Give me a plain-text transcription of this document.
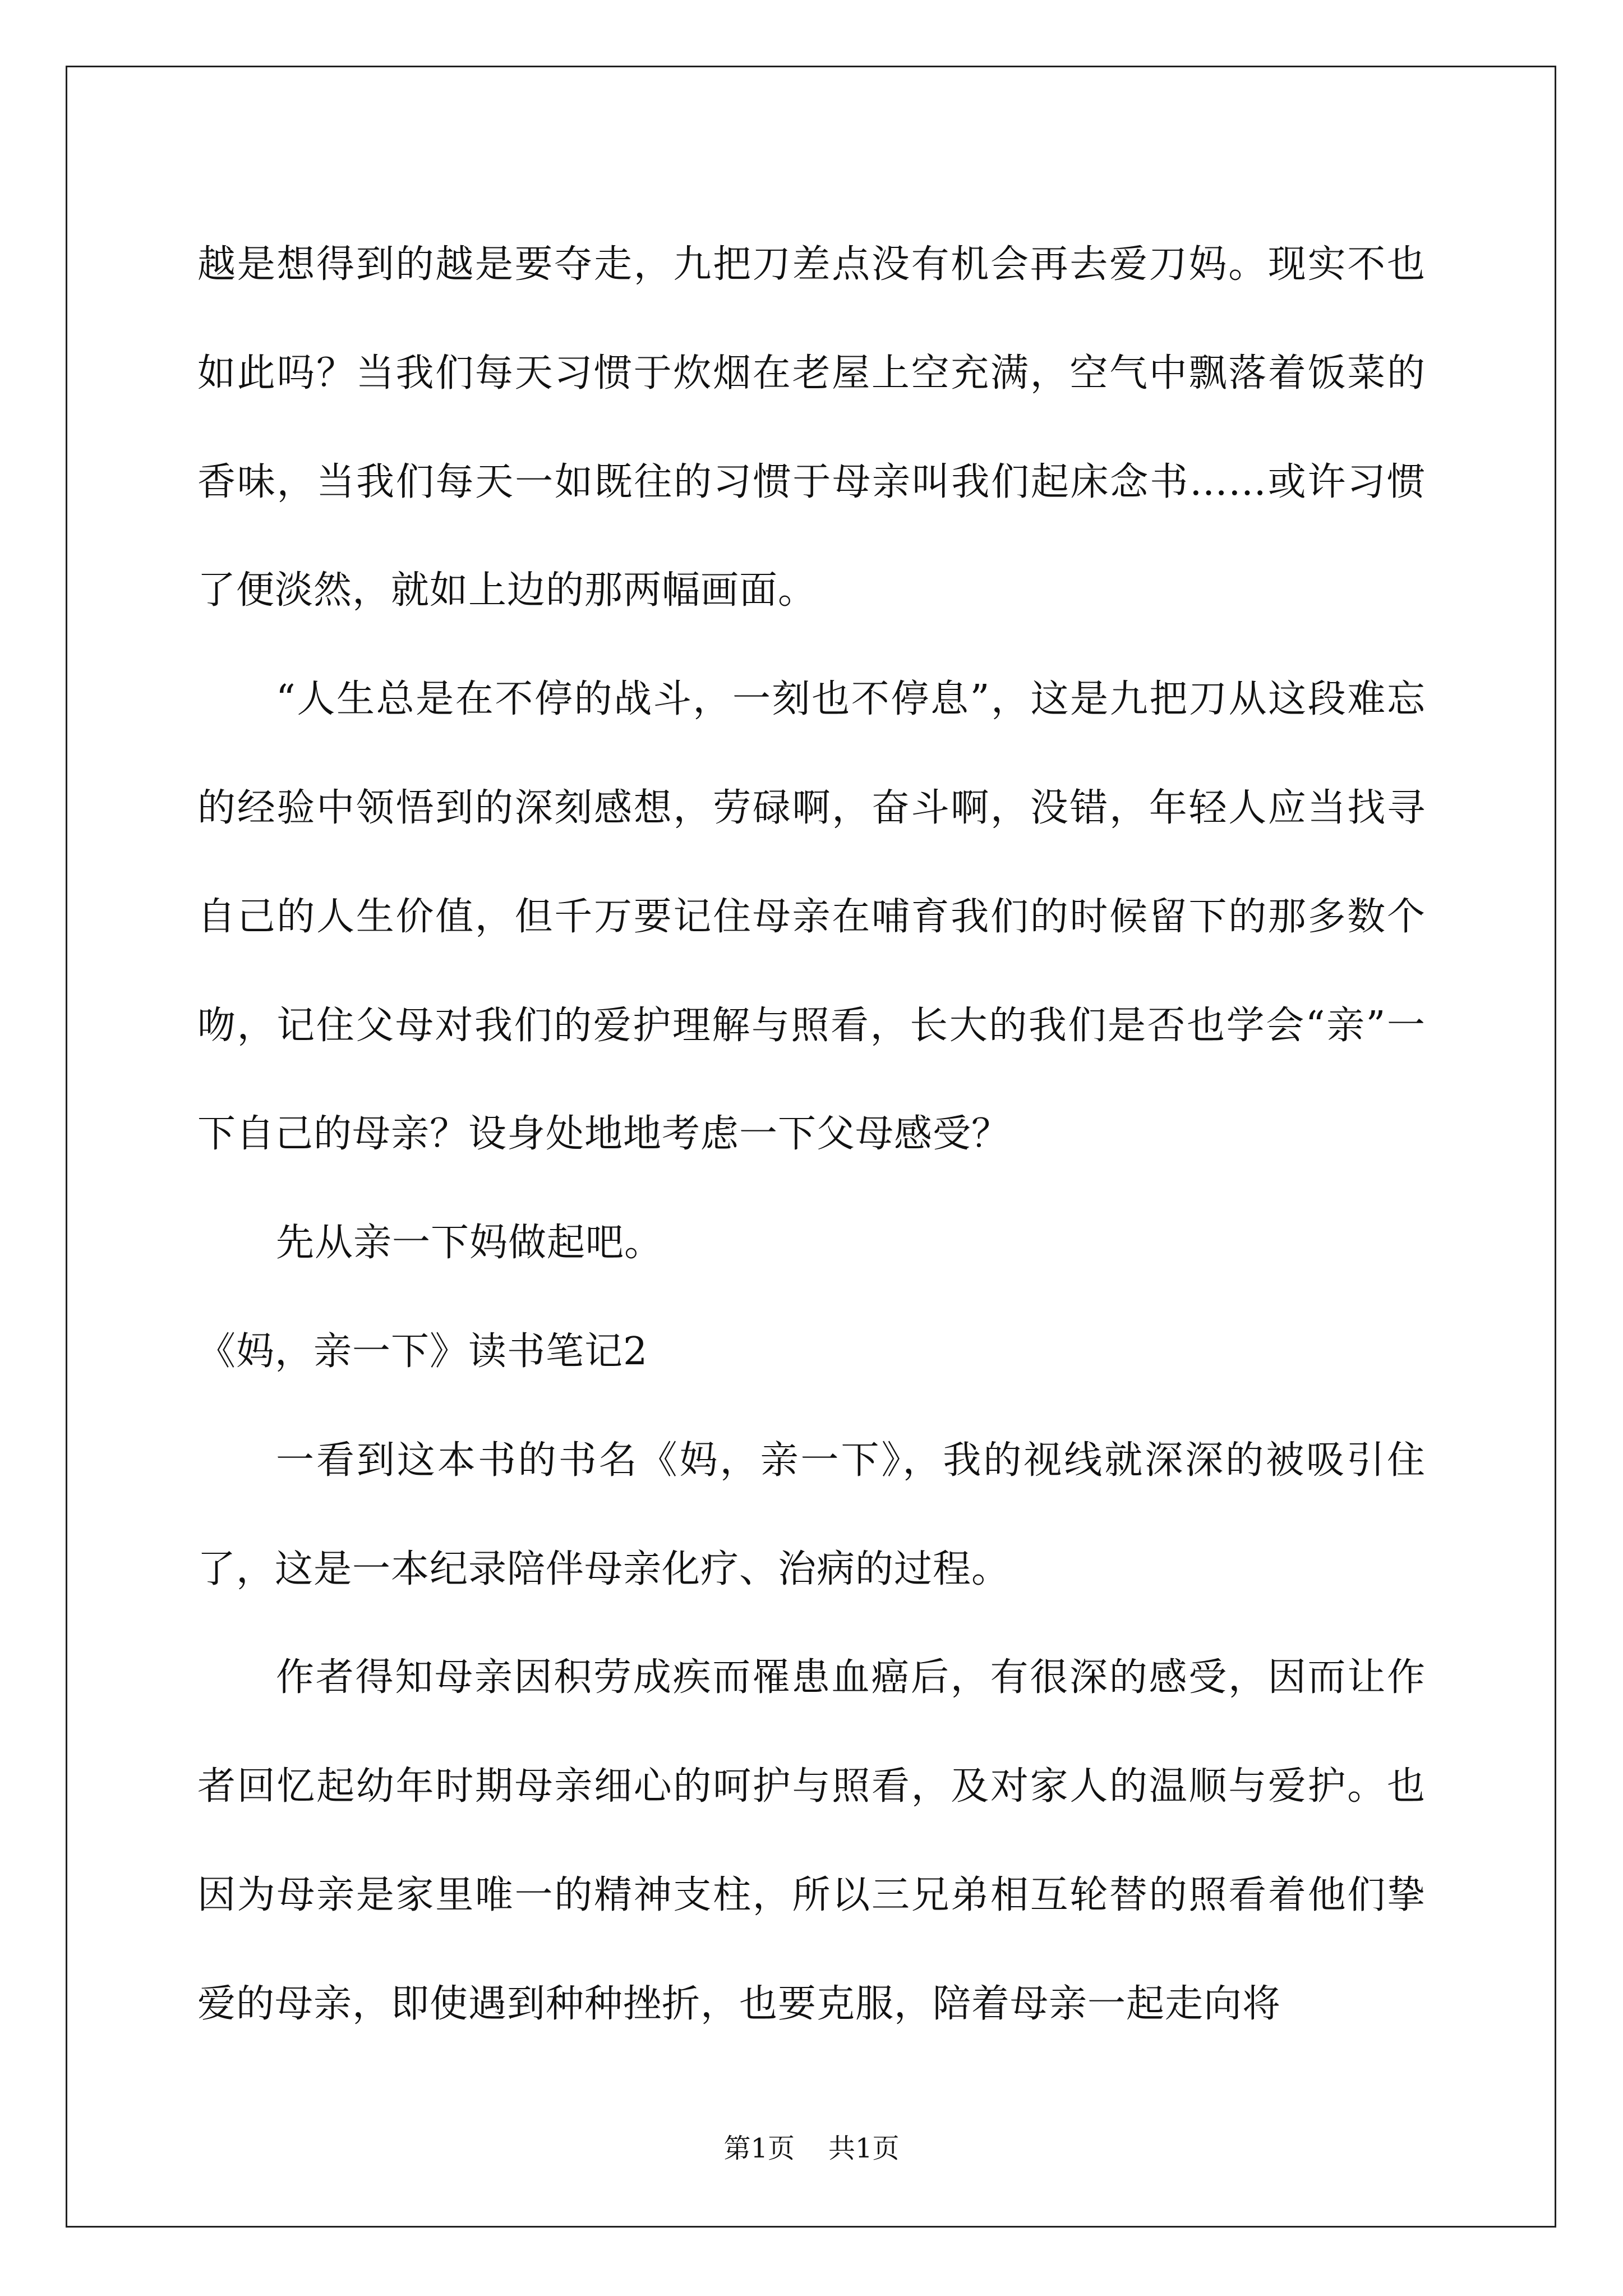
越是想得到的越是要夺走，九把刀差点没有机会再去爱刀妈。现实不也如此吗？当我们每天习惯于炊烟在老屋上空充满，空气中飘落着饭菜的香味，当我们每天一如既往的习惯于母亲叫我们起床念书……或许习惯了便淡然，就如上边的那两幅画面。

“人生总是在不停的战斗，一刻也不停息”，这是九把刀从这段难忘的经验中领悟到的深刻感想，劳碌啊，奋斗啊，没错，年轻人应当找寻自己的人生价值，但千万要记住母亲在哺育我们的时候留下的那多数个吻，记住父母对我们的爱护理解与照看，长大的我们是否也学会“亲”一下自己的母亲？设身处地地考虑一下父母感受？

先从亲一下妈做起吧。

《妈，亲一下》读书笔记2

一看到这本书的书名《妈，亲一下》，我的视线就深深的被吸引住了，这是一本纪录陪伴母亲化疗、治病的过程。

作者得知母亲因积劳成疾而罹患血癌后，有很深的感受，因而让作者回忆起幼年时期母亲细心的呵护与照看，及对家人的温顺与爱护。也因为母亲是家里唯一的精神支柱，所以三兄弟相互轮替的照看着他们挚爱的母亲，即使遇到种种挫折，也要克服，陪着母亲一起走向将

第1页 共1页
